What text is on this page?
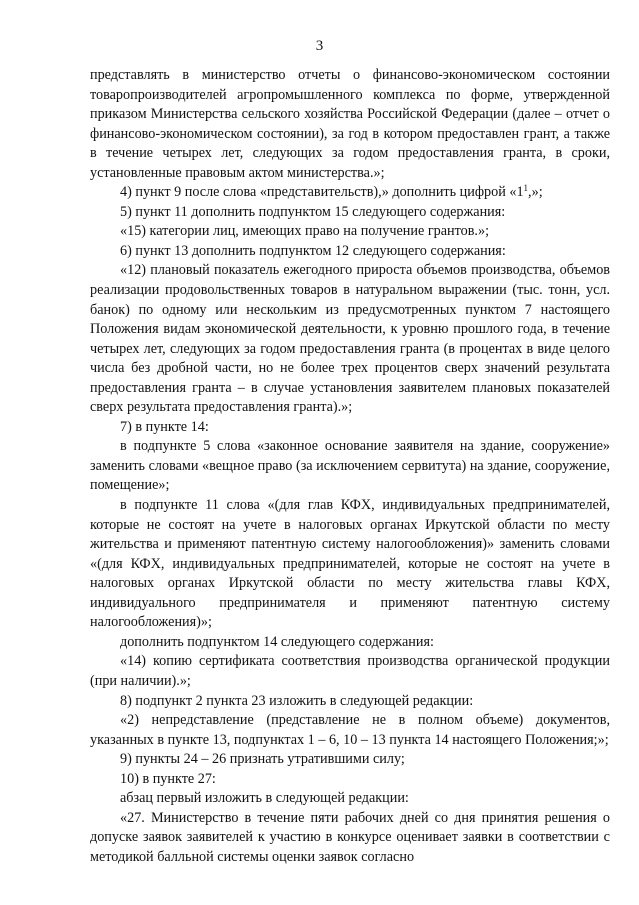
3

представлять в министерство отчеты о финансово-экономическом состоянии товаропроизводителей агропромышленного комплекса по форме, утвержденной приказом Министерства сельского хозяйства Российской Федерации (далее – отчет о финансово-экономическом состоянии), за год в котором предоставлен грант, а также в течение четырех лет, следующих за годом предоставления гранта, в сроки, установленные правовым актом министерства.»;

4) пункт 9 после слова «представительств),» дополнить цифрой «$1^1$,»;

5) пункт 11 дополнить подпунктом 15 следующего содержания:

«15) категории лиц, имеющих право на получение грантов.»;

6) пункт 13 дополнить подпунктом 12 следующего содержания:

«12) плановый показатель ежегодного прироста объемов производства, объемов реализации продовольственных товаров в натуральном выражении (тыс. тонн, усл. банок) по одному или нескольким из предусмотренных пунктом 7 настоящего Положения видам экономической деятельности, к уровню прошлого года, в течение четырех лет, следующих за годом предоставления гранта (в процентах в виде целого числа без дробной части, но не более трех процентов сверх значений результата предоставления гранта – в случае установления заявителем плановых показателей сверх результата предоставления гранта).»;

7) в пункте 14:

в подпункте 5 слова «законное основание заявителя на здание, сооружение» заменить словами «вещное право (за исключением сервитута) на здание, сооружение, помещение»;

в подпункте 11 слова «(для глав КФХ, индивидуальных предпринимателей, которые не состоят на учете в налоговых органах Иркутской области по месту жительства и применяют патентную систему налогообложения)» заменить словами «(для КФХ, индивидуальных предпринимателей, которые не состоят на учете в налоговых органах Иркутской области по месту жительства главы КФХ, индивидуального предпринимателя и применяют патентную систему налогообложения)»;

дополнить подпунктом 14 следующего содержания:

«14) копию сертификата соответствия производства органической продукции (при наличии).»;

8) подпункт 2 пункта 23 изложить в следующей редакции:

«2) непредставление (представление не в полном объеме) документов, указанных в пункте 13, подпунктах 1 – 6, 10 – 13 пункта 14 настоящего Положения;»;

9) пункты 24 – 26 признать утратившими силу;

10) в пункте 27:

абзац первый изложить в следующей редакции:

«27. Министерство в течение пяти рабочих дней со дня принятия решения о допуске заявок заявителей к участию в конкурсе оценивает заявки в соответствии с методикой балльной системы оценки заявок согласно
